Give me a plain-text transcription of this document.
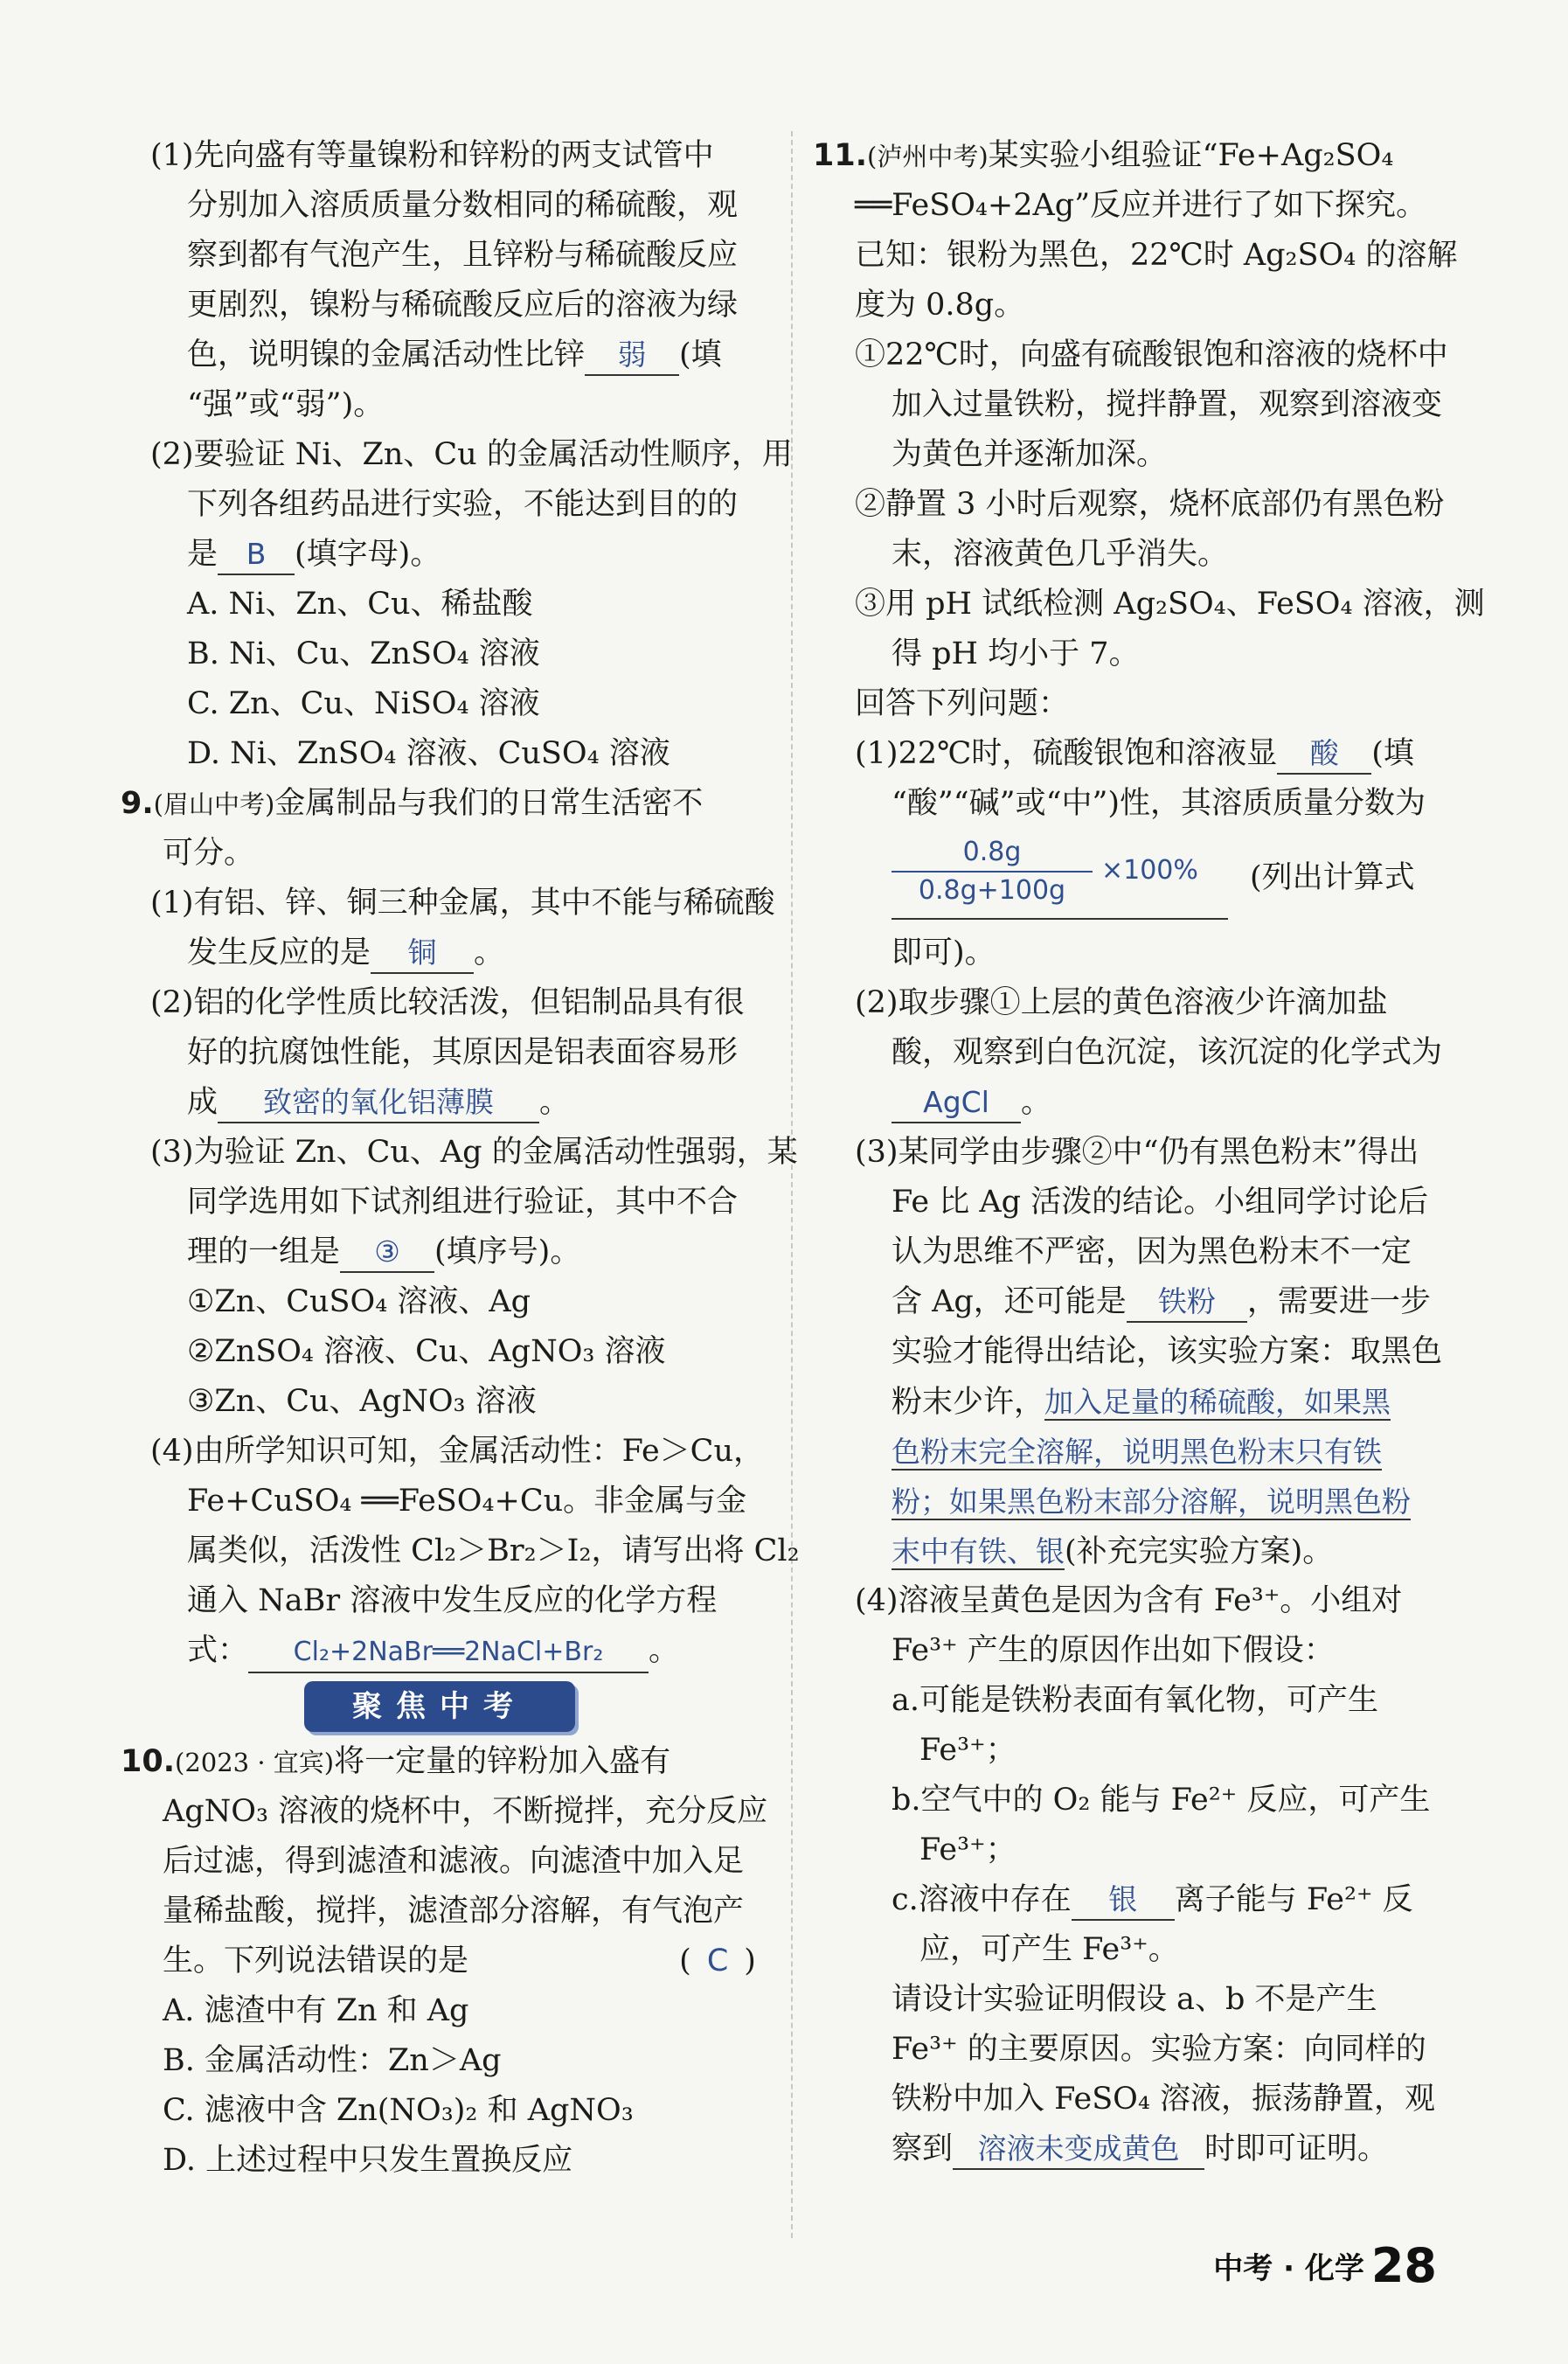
(1)先向盛有等量镍粉和锌粉的两支试管中
分别加入溶质质量分数相同的稀硫酸，观
察到都有气泡产生，且锌粉与稀硫酸反应
更剧烈，镍粉与稀硫酸反应后的溶液为绿
色，说明镍的金属活动性比锌 弱 (填
“强”或“弱”)。
(2)要验证 Ni、Zn、Cu 的金属活动性顺序，用
下列各组药品进行实验，不能达到目的的
是 B (填字母)。
A. Ni、Zn、Cu、稀盐酸
B. Ni、Cu、ZnSO₄ 溶液
C. Zn、Cu、NiSO₄ 溶液
D. Ni、ZnSO₄ 溶液、CuSO₄ 溶液
9.(眉山中考)金属制品与我们的日常生活密不
可分。
(1)有铝、锌、铜三种金属，其中不能与稀硫酸
发生反应的是 铜 。
(2)铝的化学性质比较活泼，但铝制品具有很
好的抗腐蚀性能，其原因是铝表面容易形
成 致密的氧化铝薄膜 。
(3)为验证 Zn、Cu、Ag 的金属活动性强弱，某
同学选用如下试剂组进行验证，其中不合
理的一组是 ③ (填序号)。
①Zn、CuSO₄ 溶液、Ag
②ZnSO₄ 溶液、Cu、AgNO₃ 溶液
③Zn、Cu、AgNO₃ 溶液
(4)由所学知识可知，金属活动性：Fe＞Cu，
Fe+CuSO₄ ══FeSO₄+Cu。非金属与金
属类似，活泼性 Cl₂＞Br₂＞I₂，请写出将 Cl₂
通入 NaBr 溶液中发生反应的化学方程
式： Cl₂+2NaBr══2NaCl+Br₂ 。
聚焦中考
10.(2023 · 宜宾)将一定量的锌粉加入盛有
AgNO₃ 溶液的烧杯中，不断搅拌，充分反应
后过滤，得到滤渣和滤液。向滤渣中加入足
量稀盐酸，搅拌，滤渣部分溶解，有气泡产
生。下列说法错误的是	( C )
A. 滤渣中有 Zn 和 Ag
B. 金属活动性：Zn＞Ag
C. 滤液中含 Zn(NO₃)₂ 和 AgNO₃
D. 上述过程中只发生置换反应
11.(泸州中考)某实验小组验证“Fe+Ag₂SO₄
══FeSO₄+2Ag”反应并进行了如下探究。
已知：银粉为黑色，22℃时 Ag₂SO₄ 的溶解
度为 0.8g。
①22℃时，向盛有硫酸银饱和溶液的烧杯中
加入过量铁粉，搅拌静置，观察到溶液变
为黄色并逐渐加深。
②静置 3 小时后观察，烧杯底部仍有黑色粉
末，溶液黄色几乎消失。
③用 pH 试纸检测 Ag₂SO₄、FeSO₄ 溶液，测
得 pH 均小于 7。
回答下列问题：
(1)22℃时，硫酸银饱和溶液显 酸 (填
“酸”“碱”或“中”)性，其溶质质量分数为
0.8g
0.8g+100g
×100% (列出计算式
即可)。
(2)取步骤①上层的黄色溶液少许滴加盐
酸，观察到白色沉淀，该沉淀的化学式为
AgCl 。
(3)某同学由步骤②中“仍有黑色粉末”得出
Fe 比 Ag 活泼的结论。小组同学讨论后
认为思维不严密，因为黑色粉末不一定
含 Ag，还可能是 铁粉 ，需要进一步
实验才能得出结论，该实验方案：取黑色
粉末少许，加入足量的稀硫酸，如果黑
色粉末完全溶解，说明黑色粉末只有铁
粉；如果黑色粉末部分溶解，说明黑色粉
末中有铁、银(补充完实验方案)。
(4)溶液呈黄色是因为含有 Fe³⁺。小组对
Fe³⁺ 产生的原因作出如下假设：
a.可能是铁粉表面有氧化物，可产生
Fe³⁺；
b.空气中的 O₂ 能与 Fe²⁺ 反应，可产生
Fe³⁺；
c.溶液中存在 银 离子能与 Fe²⁺ 反
应，可产生 Fe³⁺。
请设计实验证明假设 a、b 不是产生
Fe³⁺ 的主要原因。实验方案：向同样的
铁粉中加入 FeSO₄ 溶液，振荡静置，观
察到 溶液未变成黄色 时即可证明。
中考 · 化学 28
